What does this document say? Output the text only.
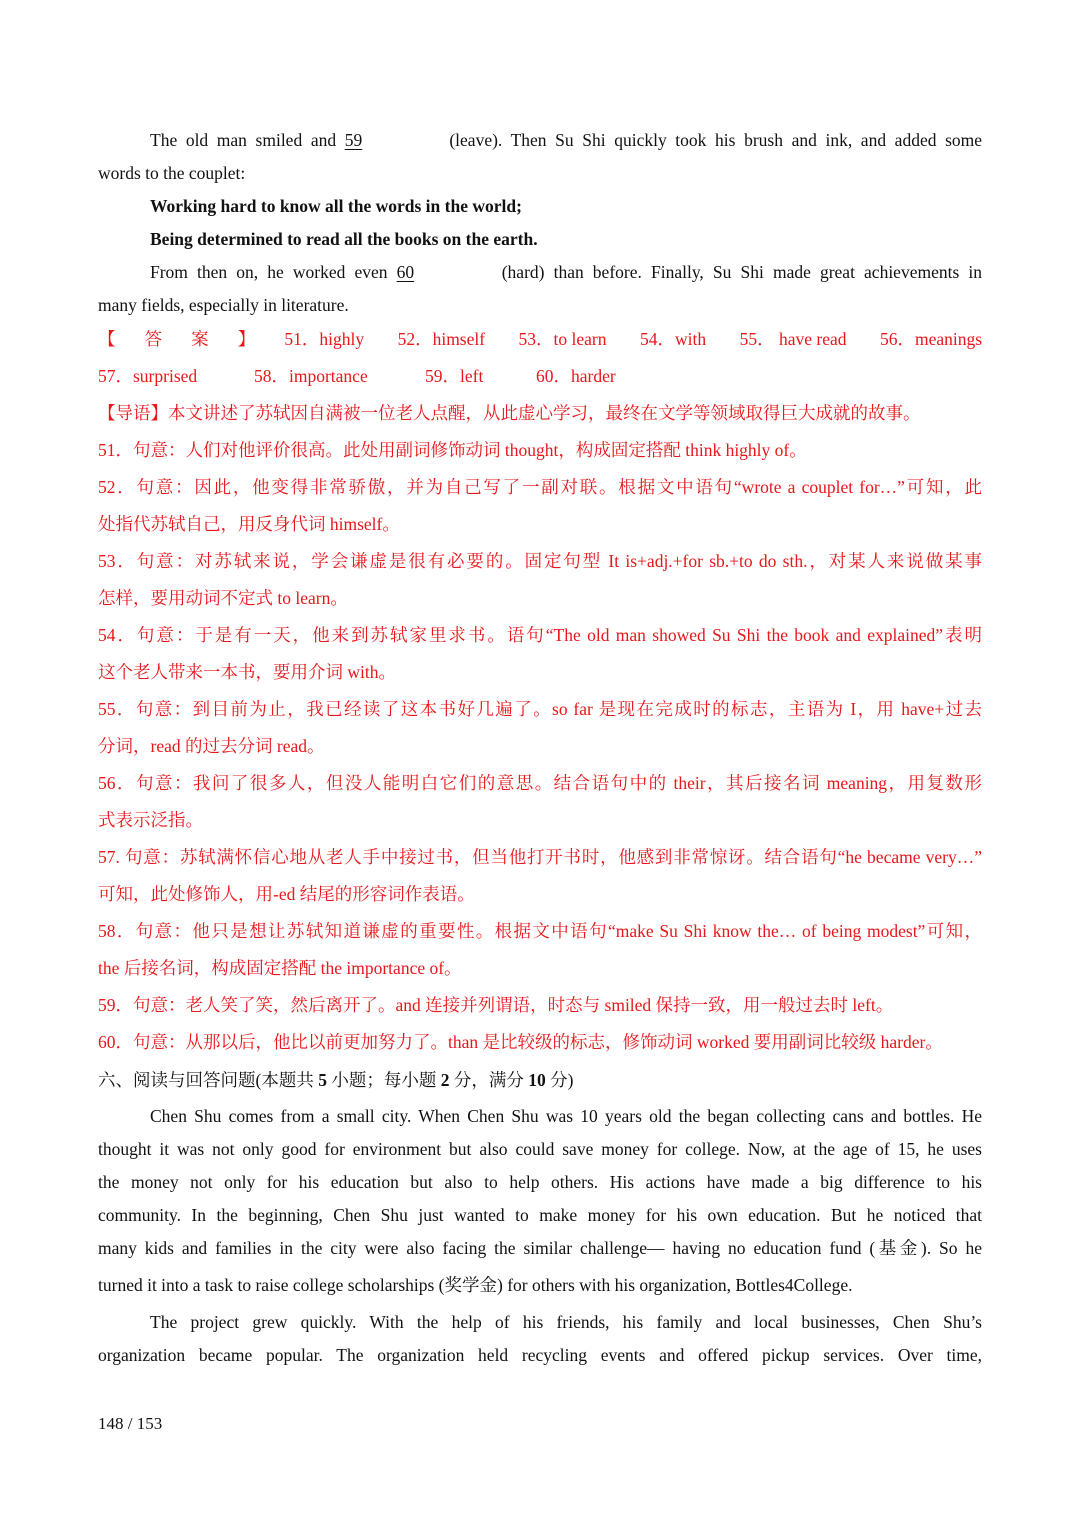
The old man smiled and 59	(leave). Then Su Shi quickly took his brush and ink, and added some
words to the couplet:
Working hard to know all the words in the world;
Being determined to read all the books on the earth.
From then on, he worked even 60	(hard) than before. Finally, Su Shi made great achievements in
many fields, especially in literature.
【答案】51．highly 52．himself 53．to learn 54．with 55． have read 56．meanings
57．surprised	58．importance	59．left	60．harder
【导语】本文讲述了苏轼因自满被一位老人点醒，从此虚心学习，最终在文学等领域取得巨大成就的故事。
51．句意：人们对他评价很高。此处用副词修饰动词 thought，构成固定搭配 think highly of。
52．句意：因此，他变得非常骄傲，并为自己写了一副对联。根据文中语句“wrote a couplet for…”可知，此
处指代苏轼自己，用反身代词 himself。
53．句意：对苏轼来说，学会谦虚是很有必要的。固定句型 It is+adj.+for sb.+to do sth.，对某人来说做某事
怎样，要用动词不定式 to learn。
54．句意：于是有一天，他来到苏轼家里求书。语句“The old man showed Su Shi the book and explained”表明
这个老人带来一本书，要用介词 with。
55．句意：到目前为止，我已经读了这本书好几遍了。so far 是现在完成时的标志，主语为 I，用 have+过去
分词，read 的过去分词 read。
56．句意：我问了很多人，但没人能明白它们的意思。结合语句中的 their，其后接名词 meaning，用复数形
式表示泛指。
57. 句意：苏轼满怀信心地从老人手中接过书，但当他打开书时，他感到非常惊讶。结合语句“he became very…”
可知，此处修饰人，用-ed 结尾的形容词作表语。
58．句意：他只是想让苏轼知道谦虚的重要性。根据文中语句“make Su Shi know the… of being modest”可知，
the 后接名词，构成固定搭配 the importance of。
59．句意：老人笑了笑，然后离开了。and 连接并列谓语，时态与 smiled 保持一致，用一般过去时 left。
60．句意：从那以后，他比以前更加努力了。than 是比较级的标志，修饰动词 worked 要用副词比较级 harder。
六、阅读与回答问题(本题共 5 小题；每小题 2 分，满分 10 分)
Chen Shu comes from a small city. When Chen Shu was 10 years old the began collecting cans and bottles. He
thought it was not only good for environment but also could save money for college. Now, at the age of 15, he uses
the money not only for his education but also to help others. His actions have made a big difference to his
community. In the beginning, Chen Shu just wanted to make money for his own education. But he noticed that
many kids and families in the city were also facing the similar challenge— having no education fund (基金). So he
turned it into a task to raise college scholarships (奖学金) for others with his organization, Bottles4College.
The project grew quickly. With the help of his friends, his family and local businesses, Chen Shu’s
organization became popular. The organization held recycling events and offered pickup services. Over time,
148 / 153
